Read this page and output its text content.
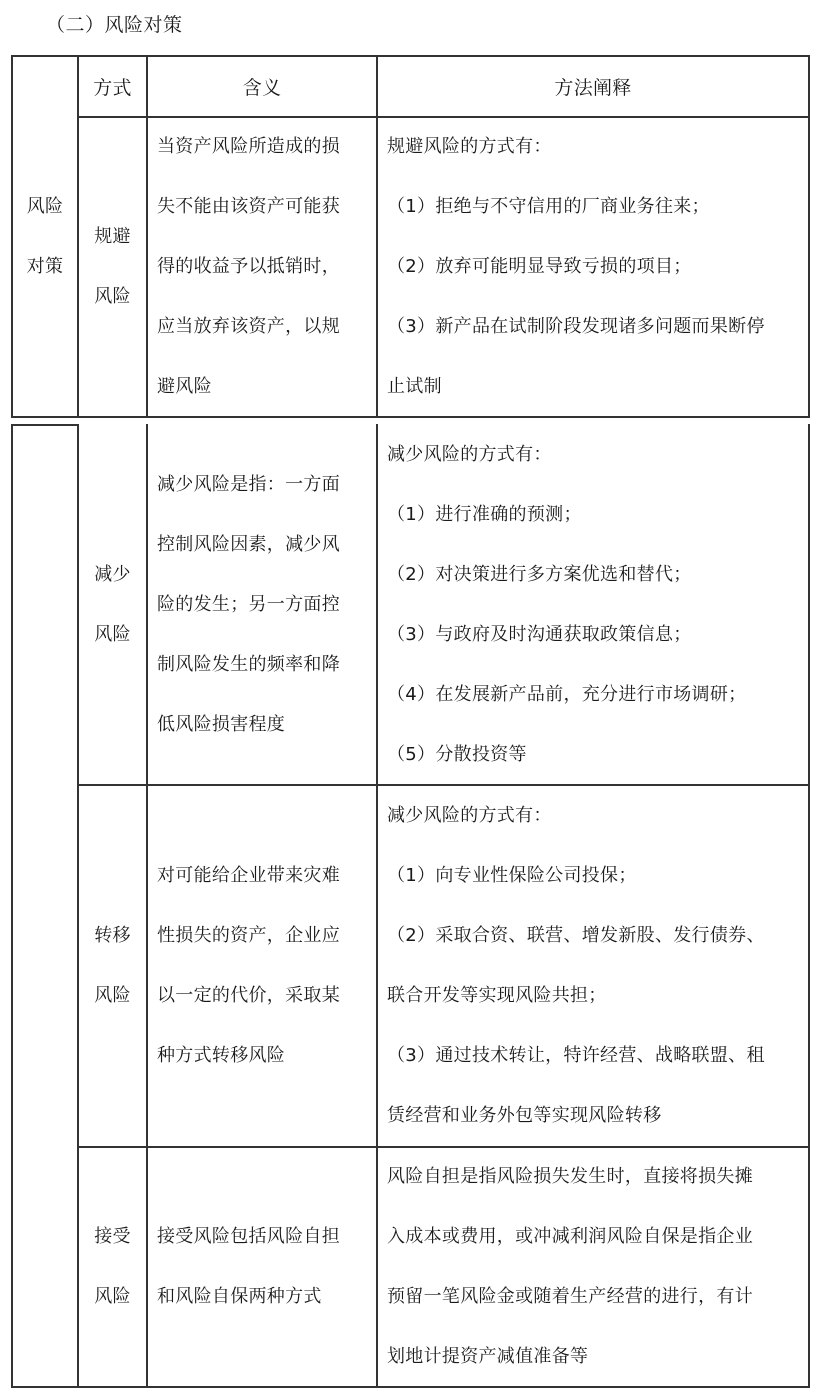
（二）风险对策
方式	含义	方法阐释

风险

对策

规避

风险

当资产风险所造成的损

失不能由该资产可能获

得的收益予以抵销时，

应当放弃该资产，以规

避风险

规避风险的方式有：

（1）拒绝与不守信用的厂商业务往来；

（2）放弃可能明显导致亏损的项目；

（3）新产品在试制阶段发现诸多问题而果断停

止试制

减少

风险

减少风险是指：一方面

控制风险因素，减少风

险的发生；另一方面控

制风险发生的频率和降

低风险损害程度

减少风险的方式有：

（1）进行准确的预测；

（2）对决策进行多方案优选和替代；

（3）与政府及时沟通获取政策信息；

（4）在发展新产品前，充分进行市场调研；

（5）分散投资等

转移

风险

对可能给企业带来灾难

性损失的资产，企业应

以一定的代价，采取某

种方式转移风险

减少风险的方式有：

（1）向专业性保险公司投保；

（2）采取合资、联营、增发新股、发行债券、

联合开发等实现风险共担；

（3）通过技术转让，特许经营、战略联盟、租

赁经营和业务外包等实现风险转移

接受

风险

接受风险包括风险自担

和风险自保两种方式

风险自担是指风险损失发生时，直接将损失摊

入成本或费用，或冲减利润风险自保是指企业

预留一笔风险金或随着生产经营的进行，有计

划地计提资产减值准备等
